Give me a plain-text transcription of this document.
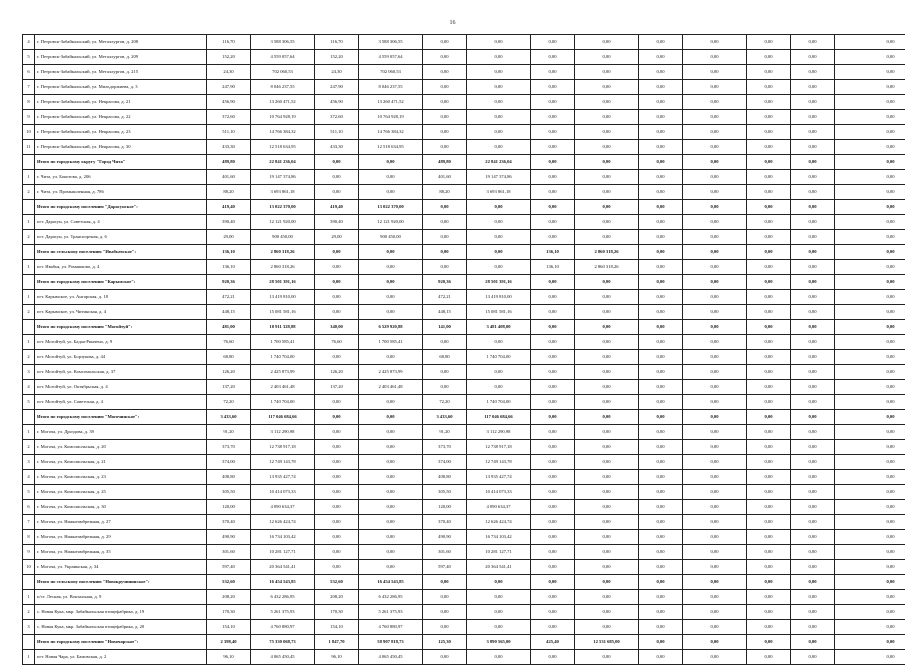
16
4	г. Петровск-Забайкальский, ул. Металлургов, д. 208	116,70	3 588 306,55	116,70	3 588 306,55	0,00	0,00	0,00	0,00	0,00	0,00	0,00	0,00	0,00
5	г. Петровск-Забайкальский, ул. Металлургов, д. 209	152,20	4 559 057,64	152,20	4 559 057,64	0,00	0,00	0,00	0,00	0,00	0,00	0,00	0,00	0,00
6	г. Петровск-Забайкальский, ул. Металлургов, д. 215	24,30	702 060,53	24,30	702 060,53	0,00	0,00	0,00	0,00	0,00	0,00	0,00	0,00	0,00
7	г. Петровск-Забайкальский, ул. Мильдоржиева, д. 3	247,90	8 046 237,55	247,90	8 046 237,55	0,00	0,00	0,00	0,00	0,00	0,00	0,00	0,00	0,00
8	г. Петровск-Забайкальский, ул. Некрасова, д. 21	456,90	13 260 471,52	456,90	13 260 471,52	0,00	0,00	0,00	0,00	0,00	0,00	0,00	0,00	0,00
9	г. Петровск-Забайкальский, ул. Некрасова, д. 22	372,60	10 764 928,19	372,60	10 764 928,19	0,00	0,00	0,00	0,00	0,00	0,00	0,00	0,00	0,00
10	г. Петровск-Забайкальский, ул. Некрасова, д. 23	511,10	14 766 384,32	511,10	14 766 384,32	0,00	0,00	0,00	0,00	0,00	0,00	0,00	0,00	0,00
11	г. Петровск-Забайкальский, ул. Некрасова, д. 30	433,30	12 518 634,95	433,30	12 518 634,95	0,00	0,00	0,00	0,00	0,00	0,00	0,00	0,00	0,00
	Итого по городскому округу "Город Чита"	489,80	22 841 236,04	0,00	0,00	489,80	22 841 236,04	0,00	0,00	0,00	0,00	0,00	0,00	0,00
1	г. Чита, ул. Бокотова, д. 206	401,60	19 147 374,86	0,00	0,00	401,60	19 147 374,86	0,00	0,00	0,00	0,00	0,00	0,00	0,00
2	г. Чита, ул. Промышленная, д. 786	88,20	3 693 861,18	0,00	0,00	88,20	3 693 861,18	0,00	0,00	0,00	0,00	0,00	0,00	0,00
	Итого по городскому поселению "Дарасунское":	419,40	13 022 370,00	419,40	13 022 370,00	0,00	0,00	0,00	0,00	0,00	0,00	0,00	0,00	0,00
1	пгт. Дарасун, ул. Советская, д. 4	390,40	12 121 920,00	390,40	12 121 920,00	0,00	0,00	0,00	0,00	0,00	0,00	0,00	0,00	0,00
2	пгт. Дарасун, ул. Транспортная, д. 6	29,00	900 450,00	29,00	900 450,00	0,00	0,00	0,00	0,00	0,00	0,00	0,00	0,00	0,00
	Итого по сельскому поселению "Ивабьевское":	136,10	2 860 318,26	0,00	0,00	0,00	0,00	136,10	2 860 318,26	0,00	0,00	0,00	0,00	0,00
1	пгт. Ивабья, ул. Ромашково, д. 4	136,10	2 860 318,26	0,00	0,00	0,00	0,00	136,10	2 860 318,26	0,00	0,00	0,00	0,00	0,00
	Итого по городскому поселению "Карымское":	920,36	28 501 391,16	0,00	0,00	920,36	28 501 391,16	0,00	0,00	0,00	0,00	0,00	0,00	0,00
1	пгт. Карымское, ул. Ангарская, д. 18	472,21	13 419 810,00	0,00	0,00	472,21	13 419 810,00	0,00	0,00	0,00	0,00	0,00	0,00	0,00
2	пгт. Карымское, ул. Читинская, д. 4	448,15	15 081 581,16	0,00	0,00	448,15	15 081 581,16	0,00	0,00	0,00	0,00	0,00	0,00	0,00
	Итого по городскому поселению "Могойтуй":	481,00	10 911 328,88	340,00	6 529 920,88	141,00	3 481 408,00	0,00	0,00	0,00	0,00	0,00	0,00	0,00
1	пгт. Могойтуй, ул. Бадаа-Ринчено, д. 9	76,60	1 700 585,41	76,60	1 700 585,41	0,00	0,00	0,00	0,00	0,00	0,00	0,00	0,00	0,00
2	пгт. Могойтуй, ул. Борзукова, д. 44	68,80	1 740 704,00	0,00	0,00	68,80	1 740 704,00	0,00	0,00	0,00	0,00	0,00	0,00	0,00
3	пгт. Могойтуй, ул. Комсомольская, д. 37	126,20	2 425 873,99	126,20	2 425 873,99	0,00	0,00	0,00	0,00	0,00	0,00	0,00	0,00	0,00
4	пгт. Могойтуй, ул. Октябрьская, д. 4	137,20	2 403 461,48	137,20	2 403 461,48	0,00	0,00	0,00	0,00	0,00	0,00	0,00	0,00	0,00
5	пгт. Могойтуй, ул. Советская, д. 4	72,20	1 740 704,00	0,00	0,00	72,20	1 740 704,00	0,00	0,00	0,00	0,00	0,00	0,00	0,00
	Итого по городскому поселению "Могочинское":	3 433,60	117 046 684,66	0,00	0,00	3 433,60	117 046 684,66	0,00	0,00	0,00	0,00	0,00	0,00	0,00
1	г. Могоча, ул. Дроздова, д. 39	91,20	3 112 290,98	0,00	0,00	91,20	3 112 290,98	0,00	0,00	0,00	0,00	0,00	0,00	0,00
2	г. Могоча, ул. Комсомольская, д. 20	373,70	12 738 917,18	0,00	0,00	373,70	12 738 917,18	0,00	0,00	0,00	0,00	0,00	0,00	0,00
3	г. Могоча, ул. Комсомольская, д. 21	374,00	12 749 143,78	0,00	0,00	374,00	12 749 143,78	0,00	0,00	0,00	0,00	0,00	0,00	0,00
4	г. Могоча, ул. Комсомольская, д. 23	408,80	13 935 427,74	0,00	0,00	408,80	13 935 427,74	0,00	0,00	0,00	0,00	0,00	0,00	0,00
5	г. Могоча, ул. Комсомольская, д. 25	305,50	10 414 073,33	0,00	0,00	305,50	10 414 073,33	0,00	0,00	0,00	0,00	0,00	0,00	0,00
6	г. Могоча, ул. Комсомольская, д. 30	120,00	4 090 634,37	0,00	0,00	120,00	4 090 634,37	0,00	0,00	0,00	0,00	0,00	0,00	0,00
7	г. Могоча, ул. Нижнеамбрежная, д. 27	370,40	12 626 424,74	0,00	0,00	370,40	12 626 424,74	0,00	0,00	0,00	0,00	0,00	0,00	0,00
8	г. Могоча, ул. Нижнеамбрежная, д. 29	490,90	16 734 103,42	0,00	0,00	490,90	16 734 103,42	0,00	0,00	0,00	0,00	0,00	0,00	0,00
9	г. Могоча, ул. Нижнеамбрежная, д. 35	301,60	10 281 127,71	0,00	0,00	301,60	10 281 127,71	0,00	0,00	0,00	0,00	0,00	0,00	0,00
10	г. Могоча, ул. Украинская, д. 34	597,40	20 364 541,41	0,00	0,00	597,40	20 364 541,41	0,00	0,00	0,00	0,00	0,00	0,00	0,00
	Итого по сельскому поселению "Новокручининское":	532,60	16 454 543,85	532,60	16 454 543,85	0,00	0,00	0,00	0,00	0,00	0,00	0,00	0,00	0,00
1	п/ст. Лесная, ул. Вокзальная, д. 9	208,20	6 432 286,95	208,20	6 432 286,95	0,00	0,00	0,00	0,00	0,00	0,00	0,00	0,00	0,00
2	с. Новая Кука, мкр. Забайкальская птицефабрика, д. 19	170,30	5 261 375,93	170,30	5 261 375,93	0,00	0,00	0,00	0,00	0,00	0,00	0,00	0,00	0,00
3	с. Новая Кука, мкр. Забайкальская птицефабрика, д. 20	154,10	4 760 880,97	154,10	4 760 880,97	0,00	0,00	0,00	0,00	0,00	0,00	0,00	0,00	0,00
	Итого по городскому поселению "Новочарское":	2 398,40	75 330 068,73	1 847,70	58 907 818,73	125,30	3 890 565,00	425,40	12 531 685,00	0,00	0,00	0,00	0,00	0,00
1	пгт. Новая Чара, ул. Бамовская, д. 2	96,10	4 065 450,45	96,10	4 065 450,45	0,00	0,00	0,00	0,00	0,00	0,00	0,00	0,00	0,00
